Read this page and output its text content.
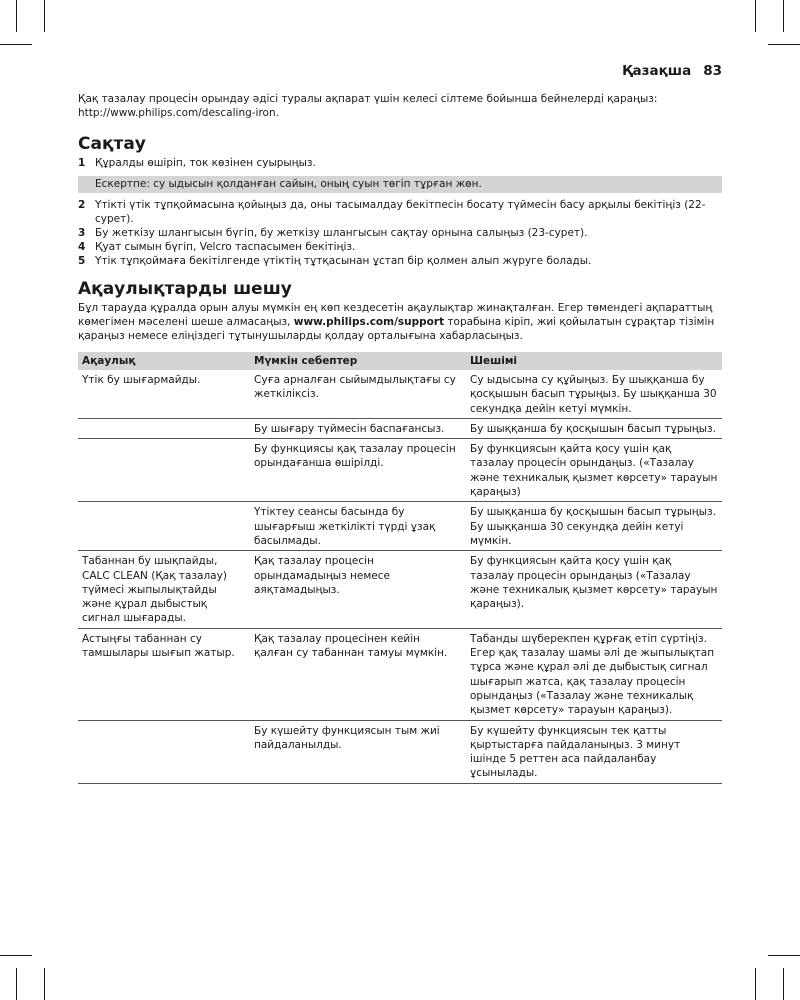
Қазақша 83

Қақ тазалау процесін орындау әдісі туралы ақпарат үшін келесі сілтеме бойынша бейнелерді қараңыз:
http://www.philips.com/descaling-iron.

Сақтау
1 Құралды өшіріп, ток көзінен суырыңыз.
Ескертпе: су ыдысын қолданған сайын, оның суын төгіп тұрған жөн.
2 Үтікті үтік тұпқоймасына қойыңыз да, оны тасымалдау бекітпесін босату түймесін басу арқылы бекітіңіз (22-сурет).
3 Бу жеткізу шлангысын бүгіп, бу жеткізу шлангысын сақтау орнына салыңыз (23-сурет).
4 Қуат сымын бүгіп, Velcro таспасымен бекітіңіз.
5 Үтік тұпқоймаға бекітілгенде үтіктің тұтқасынан ұстап бір қолмен алып жүруге болады.
Ақаулықтарды шешу

Бұл тарауда құралда орын алуы мүмкін ең көп кездесетін ақаулықтар жинақталған. Егер төмендегі ақпараттың көмегімен мәселені шеше алмасаңыз, www.philips.com/support торабына кіріп, жиі қойылатын сұрақтар тізімін қараңыз немесе еліңіздегі тұтынушыларды қолдау орталығына хабарласыңыз.

Ақаулық	Мүмкін себептер	Шешімі
Үтік бу шығармайды.	Суға арналған сыйымдылықтағы су жеткіліксіз.	Су ыдысына су құйыңыз. Бу шыққанша бу қосқышын басып тұрыңыз. Бу шыққанша 30 секундқа дейін кетуі мүмкін.
	Бу шығару түймесін баспағансыз.	Бу шыққанша бу қосқышын басып тұрыңыз.
	Бу функциясы қақ тазалау процесін орындағанша өшірілді.	Бу функциясын қайта қосу үшін қақ тазалау процесін орындаңыз. («Тазалау және техникалық қызмет көрсету» тарауын қараңыз)
	Үтіктеу сеансы басында бу шығарғыш жеткілікті түрді ұзақ басылмады.	Бу шыққанша бу қосқышын басып тұрыңыз. Бу шыққанша 30 секундқа дейін кетуі мүмкін.
Табаннан бу шықпайды, CALC CLEAN (Қақ тазалау) түймесі жыпылықтайды және құрал дыбыстық сигнал шығарады.	Қақ тазалау процесін орындамадыңыз немесе аяқтамадыңыз.	Бу функциясын қайта қосу үшін қақ тазалау процесін орындаңыз («Тазалау және техникалық қызмет көрсету» тарауын қараңыз).
Астыңғы табаннан су тамшылары шығып жатыр.	Қақ тазалау процесінен кейін қалған су табаннан тамуы мүмкін.	Табанды шүберекпен құрғақ етіп сүртіңіз. Егер қақ тазалау шамы әлі де жыпылықтап тұрса және құрал әлі де дыбыстық сигнал шығарып жатса, қақ тазалау процесін орындаңыз («Тазалау және техникалық қызмет көрсету» тарауын қараңыз).
	Бу күшейту функциясын тым жиі пайдаланылды.	Бу күшейту функциясын тек қатты қыртыстарға пайдаланыңыз. 3 минут ішінде 5 реттен аса пайдаланбау ұсынылады.
